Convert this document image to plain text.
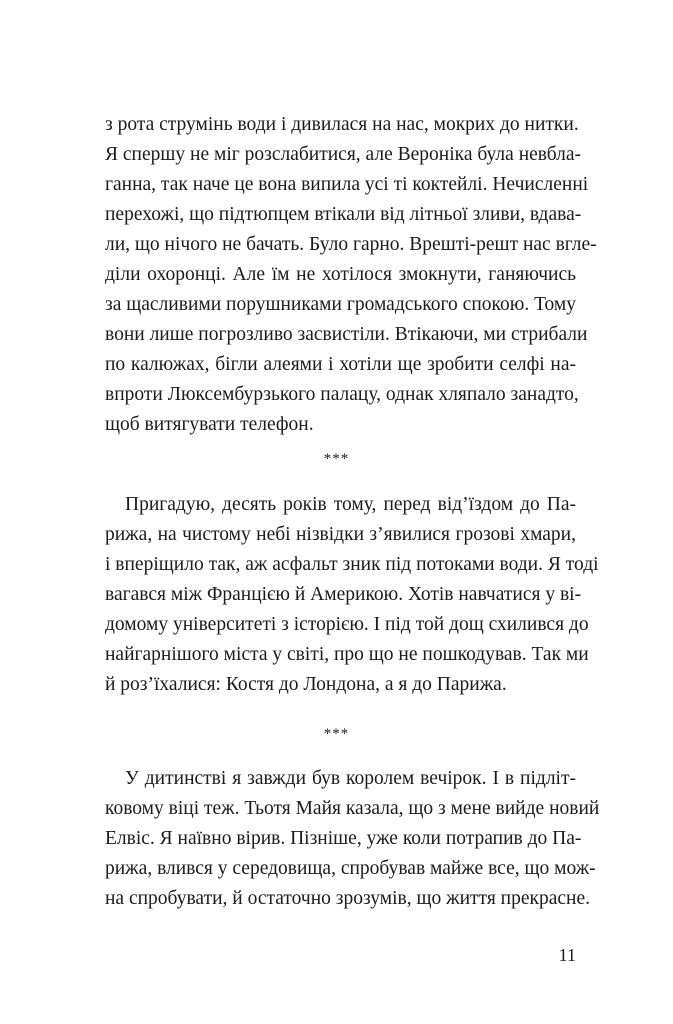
з рота струмінь води і дивилася на нас, мокрих до нитки.
Я спершу не міг розслабитися, але Вероніка була невбла-
ганна, так наче це вона випила усі ті коктейлі. Нечисленні
перехожі, що підтюпцем втікали від літньої зливи, вдава-
ли, що нічого не бачать. Було гарно. Врешті-решт нас вгле-
діли охоронці. Але їм не хотілося змокнути, ганяючись
за щасливими порушниками громадського спокою. Тому
вони лише погрозливо засвистіли. Втікаючи, ми стрибали
по калюжах, бігли алеями і хотіли ще зробити селфі на-
впроти Люксембурзького палацу, однак хляпало занадто,
щоб витягувати телефон.
***
Пригадую, десять років тому, перед від’їздом до Па-
рижа, на чистому небі нізвідки з’явилися грозові хмари,
і вперіщило так, аж асфальт зник під потоками води. Я тоді
вагався між Францією й Америкою. Хотів навчатися у ві-
домому університеті з історією. І під той дощ схилився до
найгарнішого міста у світі, про що не пошкодував. Так ми
й роз’їхалися: Костя до Лондона, а я до Парижа.
***
У дитинстві я завжди був королем вечірок. І в підліт-
ковому віці теж. Тьотя Майя казала, що з мене вийде новий
Елвіс. Я наївно вірив. Пізніше, уже коли потрапив до Па-
рижа, влився у середовища, спробував майже все, що мож-
на спробувати, й остаточно зрозумів, що життя прекрасне.
11
